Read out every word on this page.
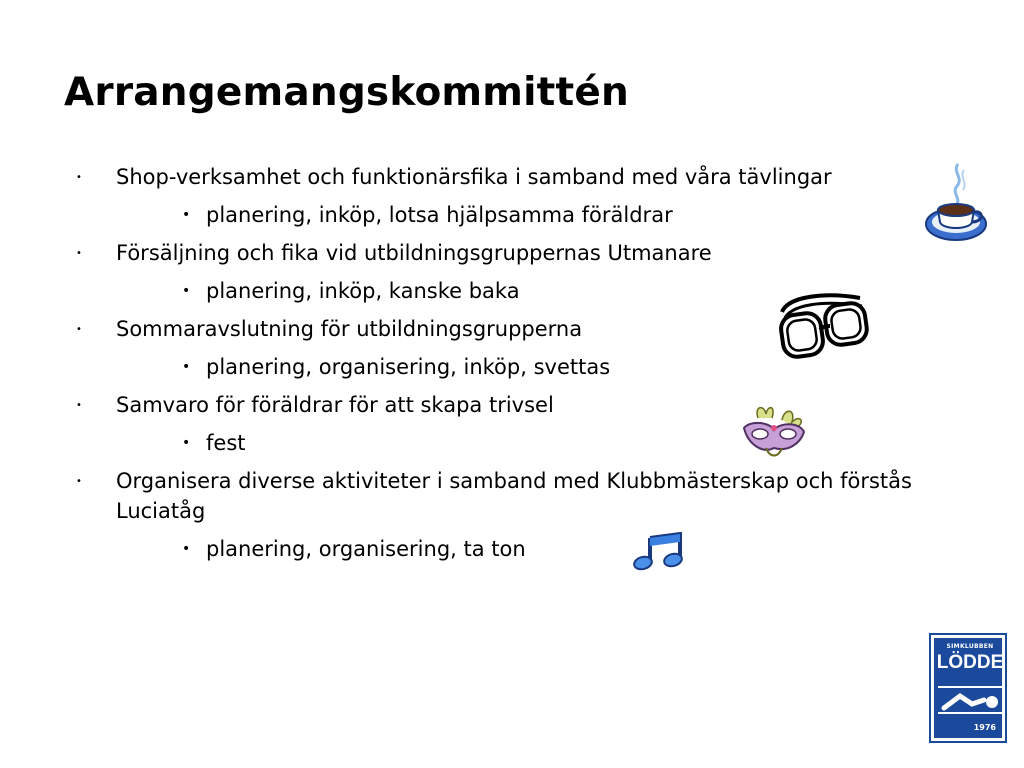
Arrangemangskommittén
• Shop-verksamhet och funktionärsfika i samband med våra tävlingar
• planering, inköp, lotsa hjälpsamma föräldrar
• Försäljning och fika vid utbildningsgruppernas Utmanare
• planering, inköp, kanske baka
• Sommaravslutning för utbildningsgrupperna
• planering, organisering, inköp, svettas
• Samvaro för föräldrar för att skapa trivsel
• fest
• Organisera diverse aktiviteter i samband med Klubbmästerskap och förstås Luciatåg
• planering, organisering, ta ton
SIMKLUBBEN
LÖDDE
1976
